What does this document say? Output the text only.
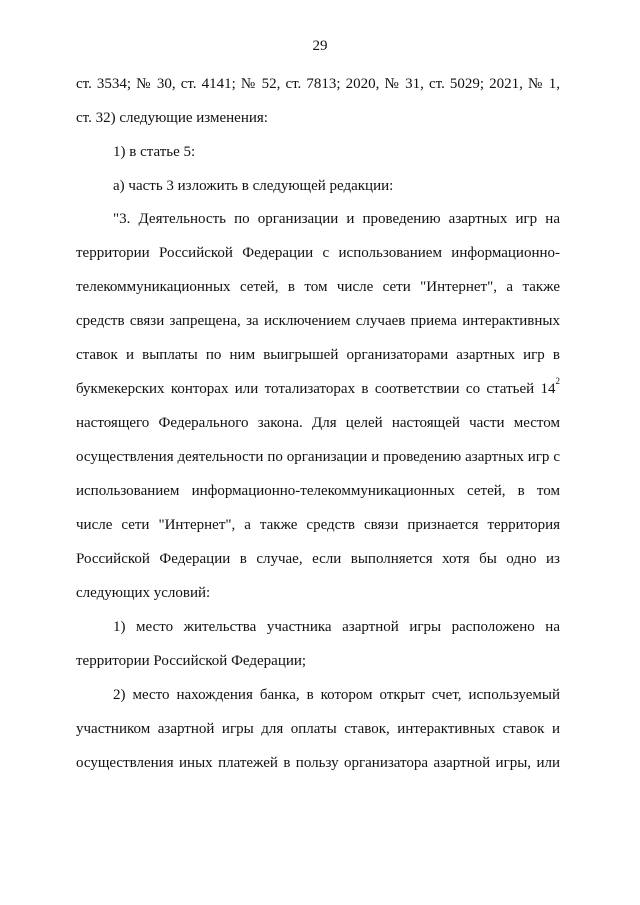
29
ст. 3534; № 30, ст. 4141; № 52, ст. 7813; 2020, № 31, ст. 5029; 2021, № 1,
ст. 32) следующие изменения:
1) в статье 5:
а) часть 3 изложить в следующей редакции:
"3. Деятельность по организации и проведению азартных игр на
территории Российской Федерации с использованием информационно-
телекоммуникационных сетей, в том числе сети "Интернет", а также
средств связи запрещена, за исключением случаев приема интерактивных
ставок и выплаты по ним выигрышей организаторами азартных игр в
букмекерских конторах или тотализаторах в соответствии со статьей $14^2$
настоящего Федерального закона. Для целей настоящей части местом
осуществления деятельности по организации и проведению азартных игр с
использованием информационно-телекоммуникационных сетей, в том
числе сети "Интернет", а также средств связи признается территория
Российской Федерации в случае, если выполняется хотя бы одно из
следующих условий:
1) место жительства участника азартной игры расположено на
территории Российской Федерации;
2) место нахождения банка, в котором открыт счет, используемый
участником азартной игры для оплаты ставок, интерактивных ставок и
осуществления иных платежей в пользу организатора азартной игры, или
